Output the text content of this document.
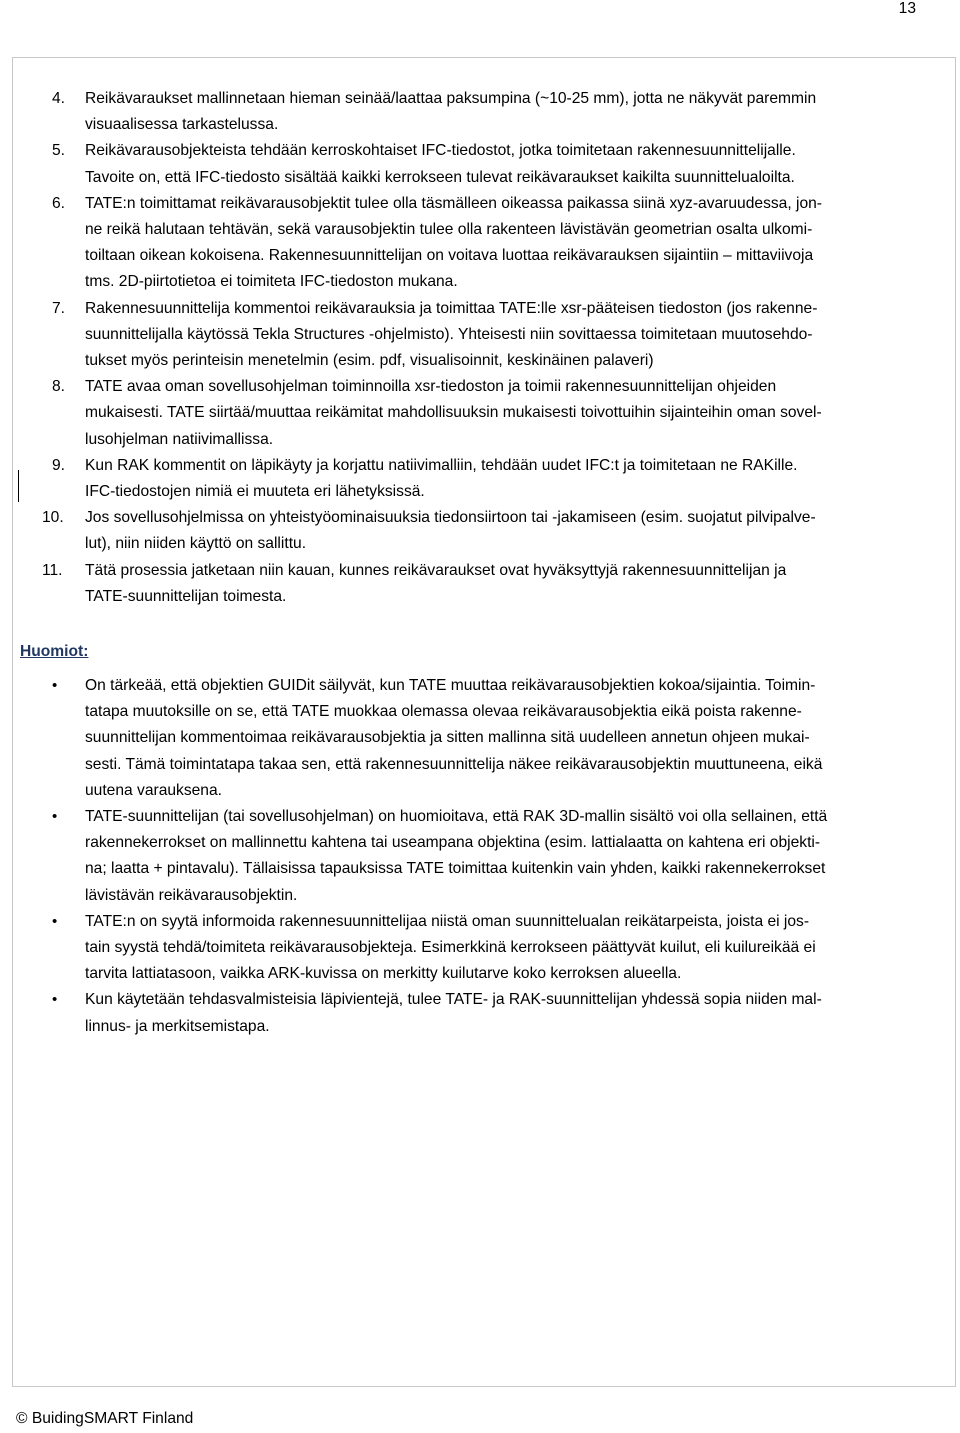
13
4. Reikävaraukset mallinnetaan hieman seinää/laattaa paksumpina (~10-25 mm), jotta ne näkyvät paremmin
visuaalisessa tarkastelussa.
5. Reikävarausobjekteista tehdään kerroskohtaiset IFC-tiedostot, jotka toimitetaan rakennesuunnittelijalle.
Tavoite on, että IFC-tiedosto sisältää kaikki kerrokseen tulevat reikävaraukset kaikilta suunnittelualoilta.
6. TATE:n toimittamat reikävarausobjektit tulee olla täsmälleen oikeassa paikassa siinä xyz-avaruudessa, jon-
ne reikä halutaan tehtävän, sekä varausobjektin tulee olla rakenteen lävistävän geometrian osalta ulkomi-
toiltaan oikean kokoisena. Rakennesuunnittelijan on voitava luottaa reikävarauksen sijaintiin – mittaviivoja
tms. 2D-piirtotietoa ei toimiteta IFC-tiedoston mukana.
7. Rakennesuunnittelija kommentoi reikävarauksia ja toimittaa TATE:lle xsr-pääteisen tiedoston (jos rakenne-
suunnittelijalla käytössä Tekla Structures -ohjelmisto). Yhteisesti niin sovittaessa toimitetaan muutosehdo-
tukset myös perinteisin menetelmin (esim. pdf, visualisoinnit, keskinäinen palaveri)
8. TATE avaa oman sovellusohjelman toiminnoilla xsr-tiedoston ja toimii rakennesuunnittelijan ohjeiden
mukaisesti. TATE siirtää/muuttaa reikämitat mahdollisuuksin mukaisesti toivottuihin sijainteihin oman sovel-
lusohjelman natiivimallissa.
9. Kun RAK kommentit on läpikäyty ja korjattu natiivimalliin, tehdään uudet IFC:t ja toimitetaan ne RAKille.
IFC-tiedostojen nimiä ei muuteta eri lähetyksissä.
10. Jos sovellusohjelmissa on yhteistyöominaisuuksia tiedonsiirtoon tai -jakamiseen (esim. suojatut pilvipalve-
lut), niin niiden käyttö on sallittu.
11. Tätä prosessia jatketaan niin kauan, kunnes reikävaraukset ovat hyväksyttyjä rakennesuunnittelijan ja
TATE-suunnittelijan toimesta.
Huomiot:
• On tärkeää, että objektien GUIDit säilyvät, kun TATE muuttaa reikävarausobjektien kokoa/sijaintia. Toimin-
tatapa muutoksille on se, että TATE muokkaa olemassa olevaa reikävarausobjektia eikä poista rakenne-
suunnittelijan kommentoimaa reikävarausobjektia ja sitten mallinna sitä uudelleen annetun ohjeen mukai-
sesti. Tämä toimintatapa takaa sen, että rakennesuunnittelija näkee reikävarausobjektin muuttuneena, eikä
uutena varauksena.
• TATE-suunnittelijan (tai sovellusohjelman) on huomioitava, että RAK 3D-mallin sisältö voi olla sellainen, että
rakennekerrokset on mallinnettu kahtena tai useampana objektina (esim. lattialaatta on kahtena eri objekti-
na; laatta + pintavalu). Tällaisissa tapauksissa TATE toimittaa kuitenkin vain yhden, kaikki rakennekerrokset
lävistävän reikävarausobjektin.
• TATE:n on syytä informoida rakennesuunnittelijaa niistä oman suunnittelualan reikätarpeista, joista ei jos-
tain syystä tehdä/toimiteta reikävarausobjekteja. Esimerkkinä kerrokseen päättyvät kuilut, eli kuilureikää ei
tarvita lattiatasoon, vaikka ARK-kuvissa on merkitty kuilutarve koko kerroksen alueella.
• Kun käytetään tehdasvalmisteisia läpivientejä, tulee TATE- ja RAK-suunnittelijan yhdessä sopia niiden mal-
linnus- ja merkitsemistapa.
© BuidingSMART Finland
